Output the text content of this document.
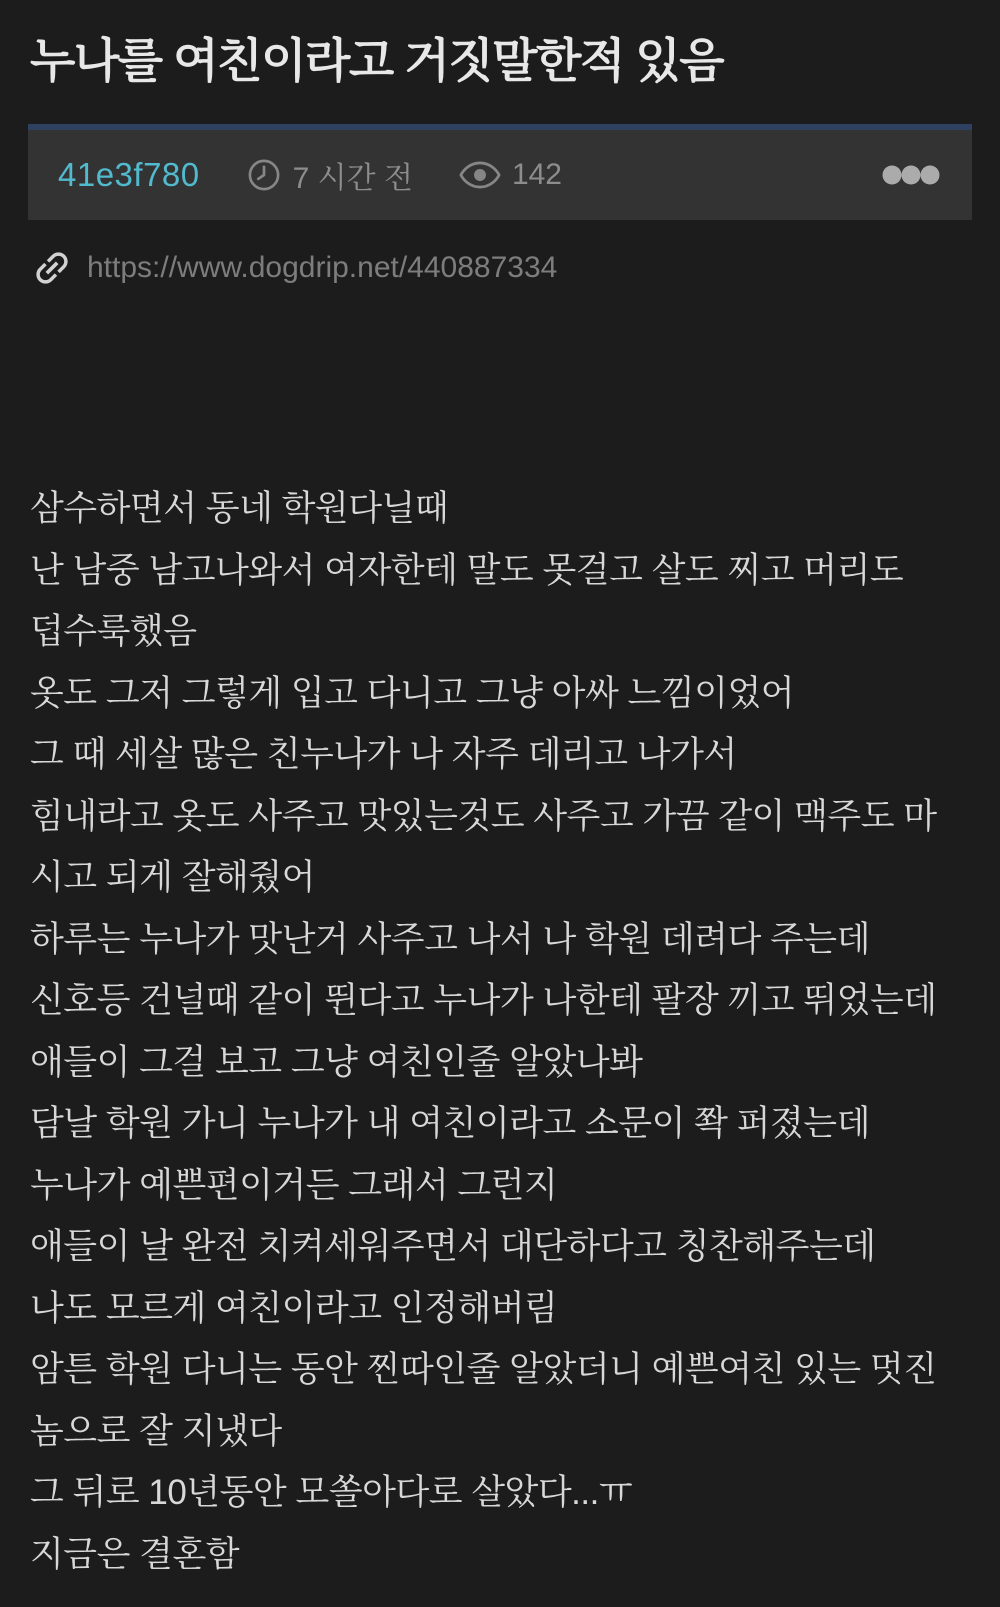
누나를 여친이라고 거짓말한적 있음
41e3f780	7 시간 전	142
https://www.dogdrip.net/440887334

삼수하면서 동네 학원다닐때

난 남중 남고나와서 여자한테 말도 못걸고 살도 찌고 머리도

덥수룩했음

옷도 그저 그렇게 입고 다니고 그냥 아싸 느낌이었어

그 때 세살 많은 친누나가 나 자주 데리고 나가서

힘내라고 옷도 사주고 맛있는것도 사주고 가끔 같이 맥주도 마

시고 되게 잘해줬어

하루는 누나가 맛난거 사주고 나서 나 학원 데려다 주는데

신호등 건널때 같이 뛴다고 누나가 나한테 팔장 끼고 뛰었는데

애들이 그걸 보고 그냥 여친인줄 알았나봐

담날 학원 가니 누나가 내 여친이라고 소문이 쫙 퍼졌는데

누나가 예쁜편이거든 그래서 그런지

애들이 날 완전 치켜세워주면서 대단하다고 칭찬해주는데

나도 모르게 여친이라고 인정해버림

암튼 학원 다니는 동안 찐따인줄 알았더니 예쁜여친 있는 멋진

놈으로 잘 지냈다

그 뒤로 10년동안 모쏠아다로 살았다...ㅠ

지금은 결혼함
